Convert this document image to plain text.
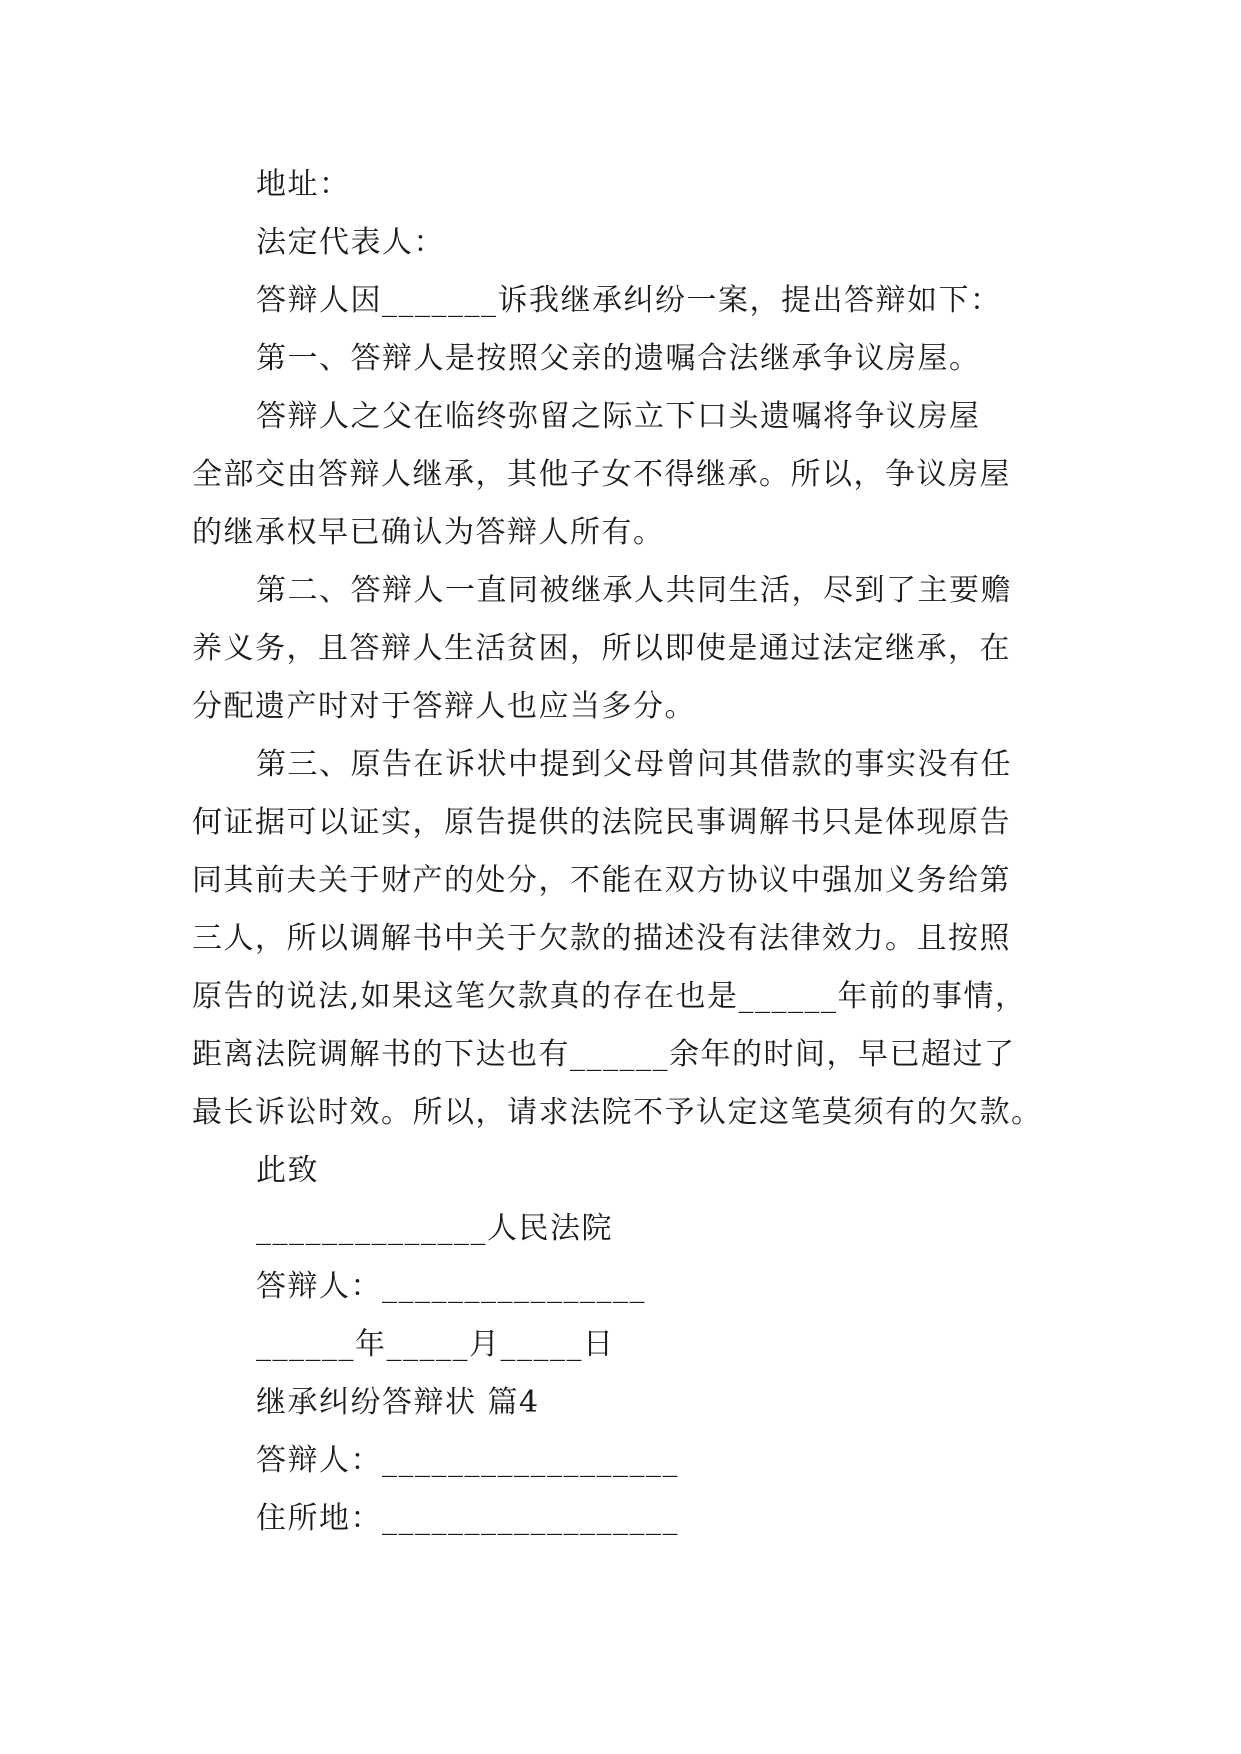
地址：
法定代表人：
答辩人因_______诉我继承纠纷一案，提出答辩如下：
第一、答辩人是按照父亲的遗嘱合法继承争议房屋。
答辩人之父在临终弥留之际立下口头遗嘱将争议房屋
全部交由答辩人继承，其他子女不得继承。所以，争议房屋
的继承权早已确认为答辩人所有。
第二、答辩人一直同被继承人共同生活，尽到了主要赡
养义务，且答辩人生活贫困，所以即使是通过法定继承，在
分配遗产时对于答辩人也应当多分。
第三、原告在诉状中提到父母曾问其借款的事实没有任
何证据可以证实，原告提供的法院民事调解书只是体现原告
同其前夫关于财产的处分，不能在双方协议中强加义务给第
三人，所以调解书中关于欠款的描述没有法律效力。且按照
原告的说法,如果这笔欠款真的存在也是______年前的事情，
距离法院调解书的下达也有______余年的时间，早已超过了
最长诉讼时效。所以，请求法院不予认定这笔莫须有的欠款。
此致
______________人民法院
答辩人：________________
______年_____月_____日
继承纠纷答辩状 篇4
答辩人：__________________
住所地：__________________
